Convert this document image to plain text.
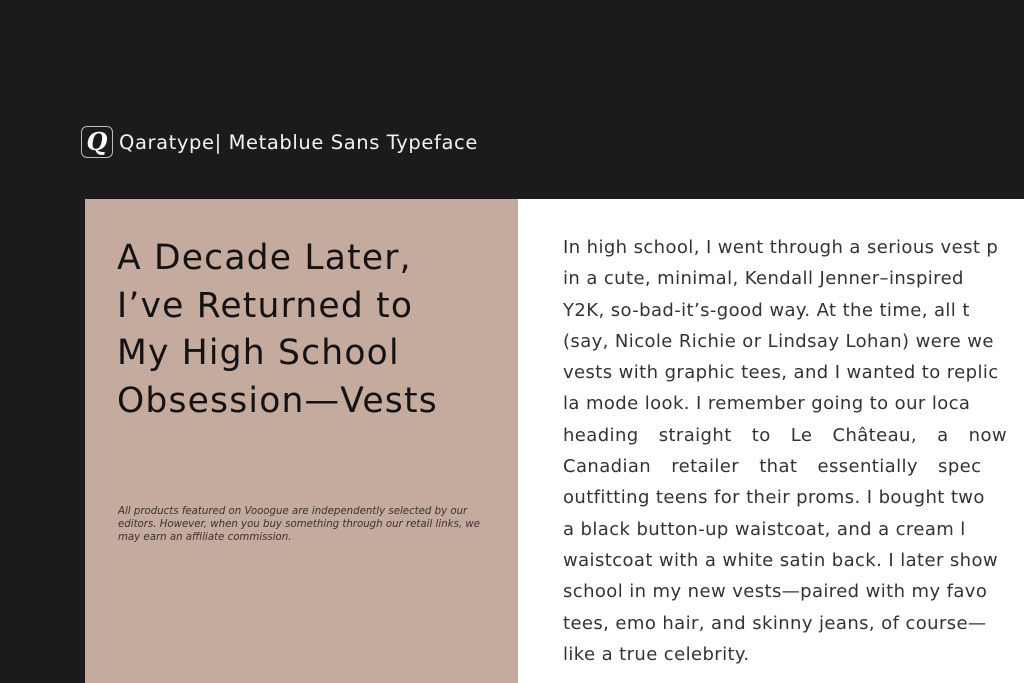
Q Qaratype| Metablue Sans Typeface
A Decade Later,
I’ve Returned to
My High School
Obsession—Vests

All products featured on Vooogue are independently selected by our editors. However, when you buy something through our retail links, we may earn an affiliate commission.

In high school, I went through a serious vest p
in a cute, minimal, Kendall Jenner–inspired
Y2K, so-bad-it’s-good way. At the time, all t
(say, Nicole Richie or Lindsay Lohan) were we
vests with graphic tees, and I wanted to replic
la mode look. I remember going to our loca
heading straight to Le Château, a now
Canadian retailer that essentially spec
outfitting teens for their proms. I bought two
a black button-up waistcoat, and a cream l
waistcoat with a white satin back. I later show
school in my new vests—paired with my favo
tees, emo hair, and skinny jeans, of course—
like a true celebrity.
